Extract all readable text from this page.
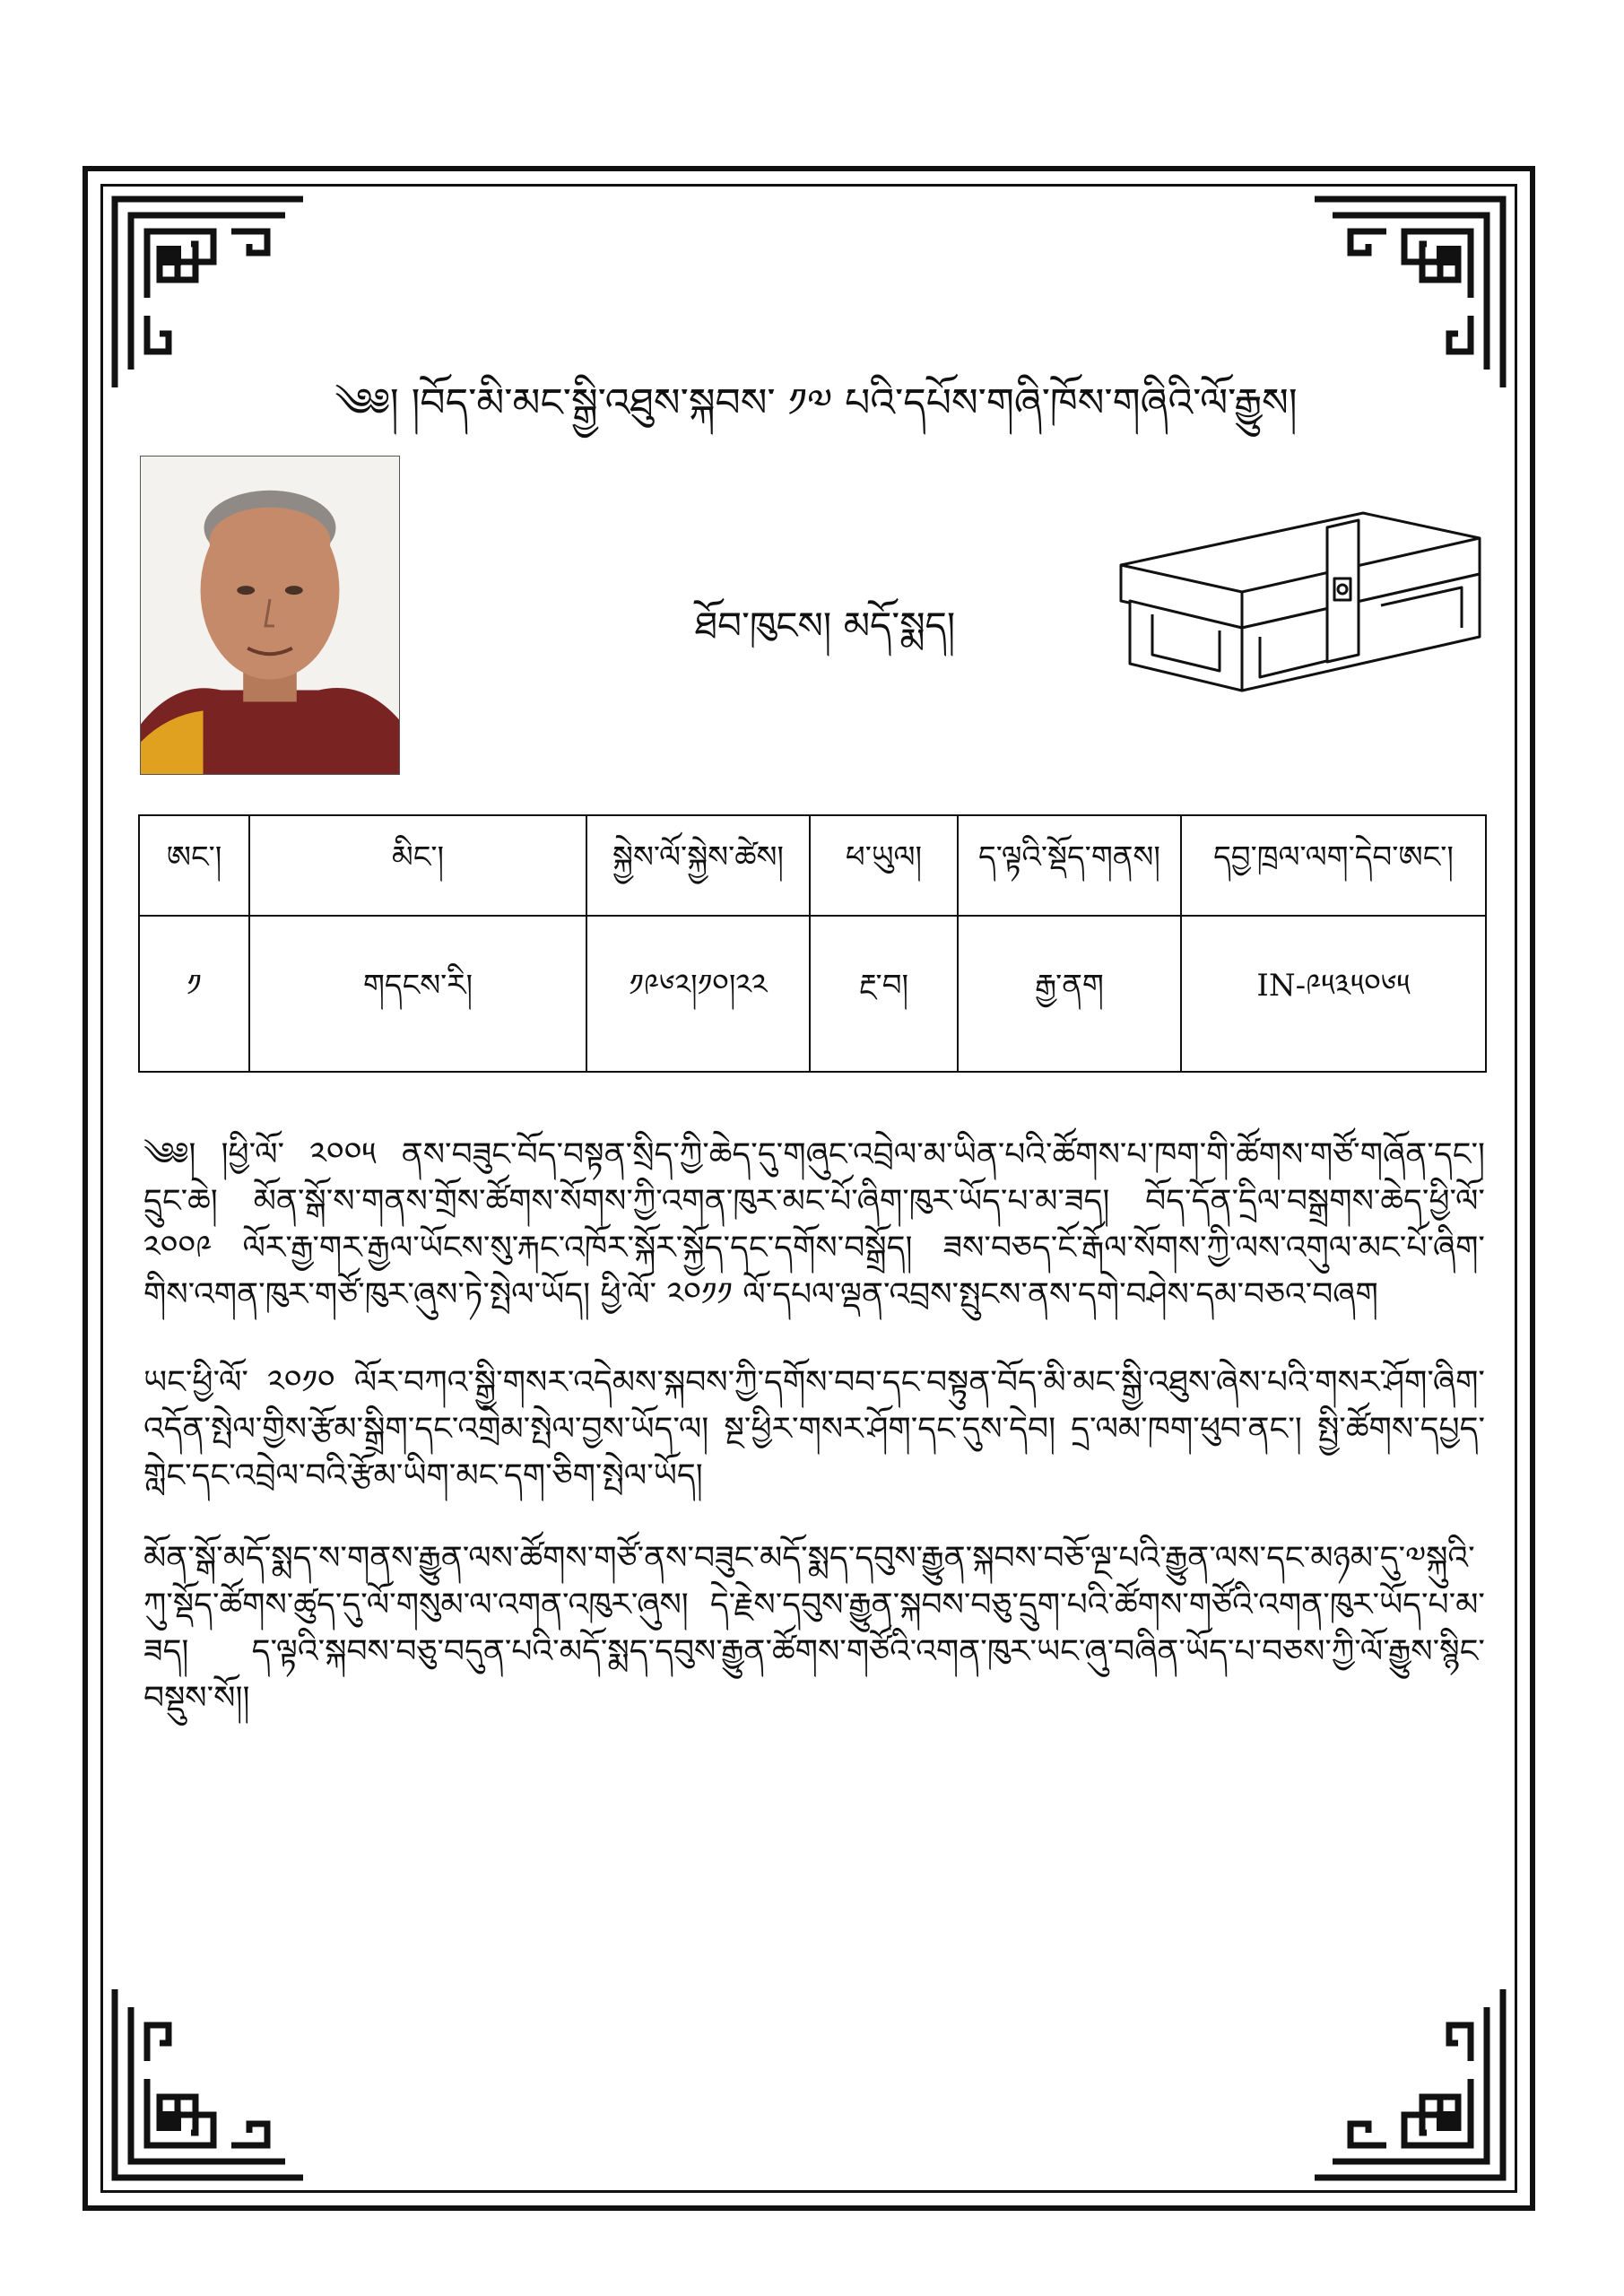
༄༅། །བོད་མི་མང་སྒྱི་འཐུས་སྐབས་ ༡༧ པའི་དཔོས་གཞི་ཁོས་གཞིའི་ལོ་རྒྱུས།
ཐོབ་ཁུངས། མདོ་སྨད།
ཨང་།	མིང་།	སྐྱེས་ལོ་སྐྱེས་ཚེས།	ཕ་ཡུལ།	ད་ལྟའི་སྡོད་གནས།	དབྱ་ཁྲལ་ལག་དེབ་ཨང་།
༡	གདངས་རི།	༡༩༦༢།༡༠།༢༢	རྔ་བ།	རྒྱ་ནག	IN-༩༥༣༥༠༦༥
༄༅། །ཕྱི་ལོ་ ༢༠༠༥ ནས་བཟུང་བོད་བསྟན་སྲིད་ཀྱི་ཆེད་དུ་གཞུང་འབྲེལ་མ་ཡིན་པའི་ཚོགས་པ་ཁག་གི་ཚོགས་གཙོ་གཞོན་དང་། དྲུང་ཆེ། མོན་སྒོ་ས་གནས་གྲོས་ཚོགས་སོགས་ཀྱི་འགན་ཁུར་མང་པོ་ཞིག་ཁུར་ཡོད་པ་མ་ཟད། བོད་དོན་དྲིལ་བསྒྲགས་ཆེད་ཕྱི་ལོ་ ༢༠༠༩ ལོར་རྒྱ་གར་རྒྱལ་ཡོངས་སུ་རྐང་འཁོར་སྐོར་སྐྱོད་དང་དགོས་བསྒྲོད། ཟས་བཅད་ངོ་རྒོལ་སོགས་ཀྱི་ལས་འགུལ་མང་པོ་ཞིག་གིས་འགན་ཁུར་གཙོ་ཁུར་ཞུས་ཏེ་སྤེལ་ཡོད། ཕྱི་ལོ་ ༢༠༡༡ ལོ་དཔལ་ལྡན་འབྲས་སྤུངས་ནས་དགེ་བཤེས་དམ་བཅའ་བཞག
ཡང་ཕྱི་ལོ་ ༢༠༡༠ ལོར་བཀའ་སྒྱི་གསར་འདེམས་སྐབས་ཀྱི་དགོས་བབ་དང་བསྟུན་བོད་མི་མང་སྒྱི་འཐུས་ཞེས་པའི་གསར་ཤོག་ཞིག་འདོན་སྤེལ་གྱིས་རྩོམ་སྒྲིག་དང་འགྲེམ་སྤེལ་བྱས་ཡོད་ལ། སྔ་ཕྱིར་གསར་ཤོག་དང་དུས་དེབ། དྲ་ལམ་ཁག་ཕུབ་ནང་། སྤྱི་ཚོགས་དཔྱད་གླེང་དང་འབྲེལ་བའི་རྩོམ་ཡིག་མང་དག་ཅིག་སྤེལ་ཡོད།
མོན་སྒོ་མདོ་སྨད་ས་གནས་རྒྱུན་ལས་ཚོགས་གཙོ་ནས་བཟུང་མདོ་སྨད་དབུས་རྒྱུན་སྐབས་བཅོ་ལྔ་པའི་རྒྱུན་ལས་དང་མཉམ་དུ་༧སྐུའི་ཀུ་སྡོད་ཚོགས་ཚུད་དུ་ལོ་གསུམ་ལ་འགན་འཁུར་ཞུས། དེ་རྗེས་དབུས་རྒྱུན་སྐབས་བཅུ་དྲུག་པའི་ཚོགས་གཙོའི་འགན་ཁུར་ཡོད་པ་མ་ཟད། ད་ལྟའི་སྐབས་བཅུ་བདུན་པའི་མདོ་སྨད་དབུས་རྒྱུན་ཚོགས་གཙོའི་འགན་ཁུར་ཡང་ཞུ་བཞིན་ཡོད་པ་བཅས་ཀྱི་ལོ་རྒྱུས་སྙིང་བསྡུས་སོ།།
